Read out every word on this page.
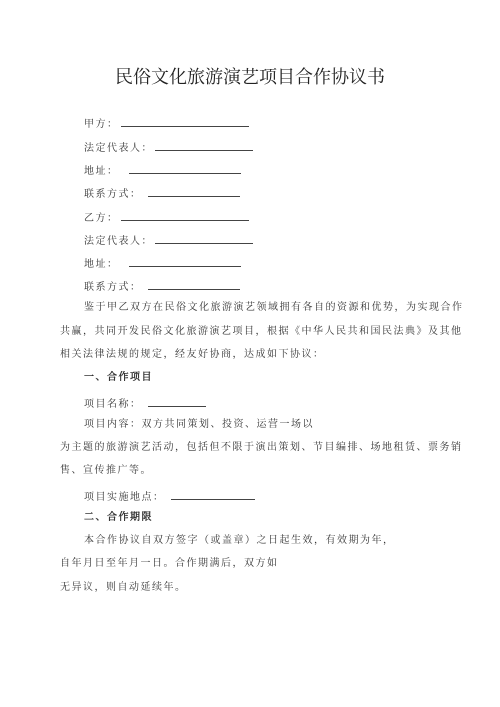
民俗文化旅游演艺项目合作协议书
甲方：
法定代表人：
地址：
联系方式：
乙方：
法定代表人：
地址：
联系方式：
鉴于甲乙双方在民俗文化旅游演艺领域拥有各自的资源和优势，为实现合作
共赢，共同开发民俗文化旅游演艺项目，根据《中华人民共和国民法典》及其他
相关法律法规的规定，经友好协商，达成如下协议：
一、合作项目
项目名称：
项目内容：双方共同策划、投资、运营一场以
为主题的旅游演艺活动，包括但不限于演出策划、节目编排、场地租赁、票务销
售、宣传推广等。
项目实施地点：
二、合作期限
本合作协议自双方签字（或盖章）之日起生效，有效期为年，
自年月日至年月一日。合作期满后，双方如
无异议，则自动延续年。
